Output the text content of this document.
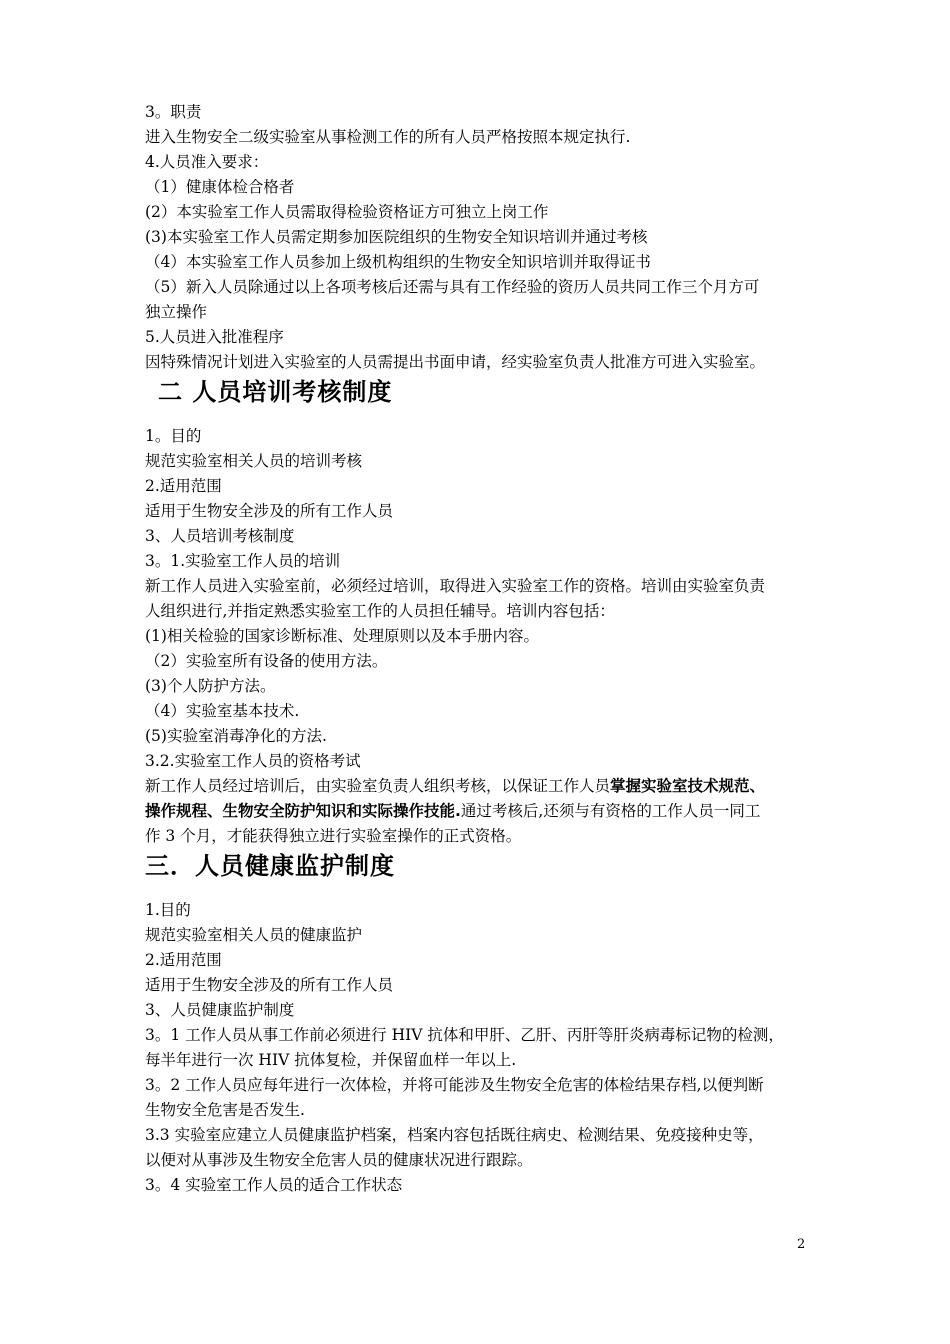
3。职责
进入生物安全二级实验室从事检测工作的所有人员严格按照本规定执行.
4.人员准入要求：
（1）健康体检合格者
(2）本实验室工作人员需取得检验资格证方可独立上岗工作
(3)本实验室工作人员需定期参加医院组织的生物安全知识培训并通过考核
（4）本实验室工作人员参加上级机构组织的生物安全知识培训并取得证书
（5）新入人员除通过以上各项考核后还需与具有工作经验的资历人员共同工作三个月方可
独立操作
5.人员进入批准程序
因特殊情况计划进入实验室的人员需提出书面申请，经实验室负责人批准方可进入实验室。
二 人员培训考核制度
1。目的
规范实验室相关人员的培训考核
2.适用范围
适用于生物安全涉及的所有工作人员
3、人员培训考核制度
3。1.实验室工作人员的培训
新工作人员进入实验室前，必须经过培训，取得进入实验室工作的资格。培训由实验室负责
人组织进行,并指定熟悉实验室工作的人员担任辅导。培训内容包括：
(1)相关检验的国家诊断标准、处理原则以及本手册内容。
（2）实验室所有设备的使用方法。
(3)个人防护方法。
（4）实验室基本技术.
(5)实验室消毒净化的方法.
3.2.实验室工作人员的资格考试
新工作人员经过培训后，由实验室负责人组织考核，以保证工作人员掌握实验室技术规范、
操作规程、生物安全防护知识和实际操作技能.通过考核后,还须与有资格的工作人员一同工
作 3 个月，才能获得独立进行实验室操作的正式资格。
三．人员健康监护制度
1.目的
规范实验室相关人员的健康监护
2.适用范围
适用于生物安全涉及的所有工作人员
3、人员健康监护制度
3。1 工作人员从事工作前必须进行 HIV 抗体和甲肝、乙肝、丙肝等肝炎病毒标记物的检测，
每半年进行一次 HIV 抗体复检，并保留血样一年以上.
3。2 工作人员应每年进行一次体检，并将可能涉及生物安全危害的体检结果存档,以便判断
生物安全危害是否发生.
3.3 实验室应建立人员健康监护档案，档案内容包括既往病史、检测结果、免疫接种史等，
以便对从事涉及生物安全危害人员的健康状况进行跟踪。
3。4 实验室工作人员的适合工作状态
2
